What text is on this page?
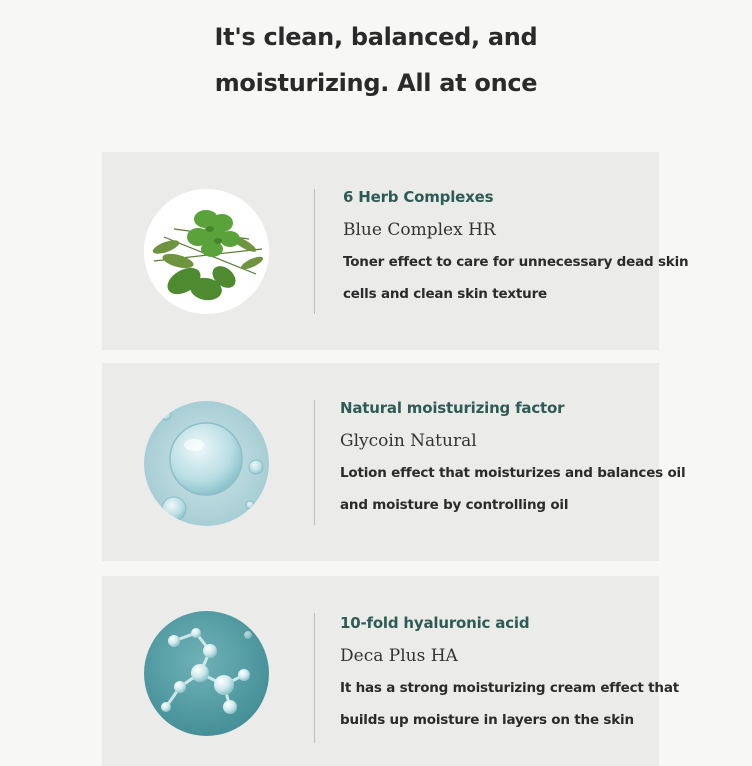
It's clean, balanced, and
moisturizing. All at once
6 Herb Complexes
Blue Complex HR
Toner effect to care for unnecessary dead skin
cells and clean skin texture
Natural moisturizing factor
Glycoin Natural
Lotion effect that moisturizes and balances oil
and moisture by controlling oil
10-fold hyaluronic acid
Deca Plus HA
It has a strong moisturizing cream effect that
builds up moisture in layers on the skin
